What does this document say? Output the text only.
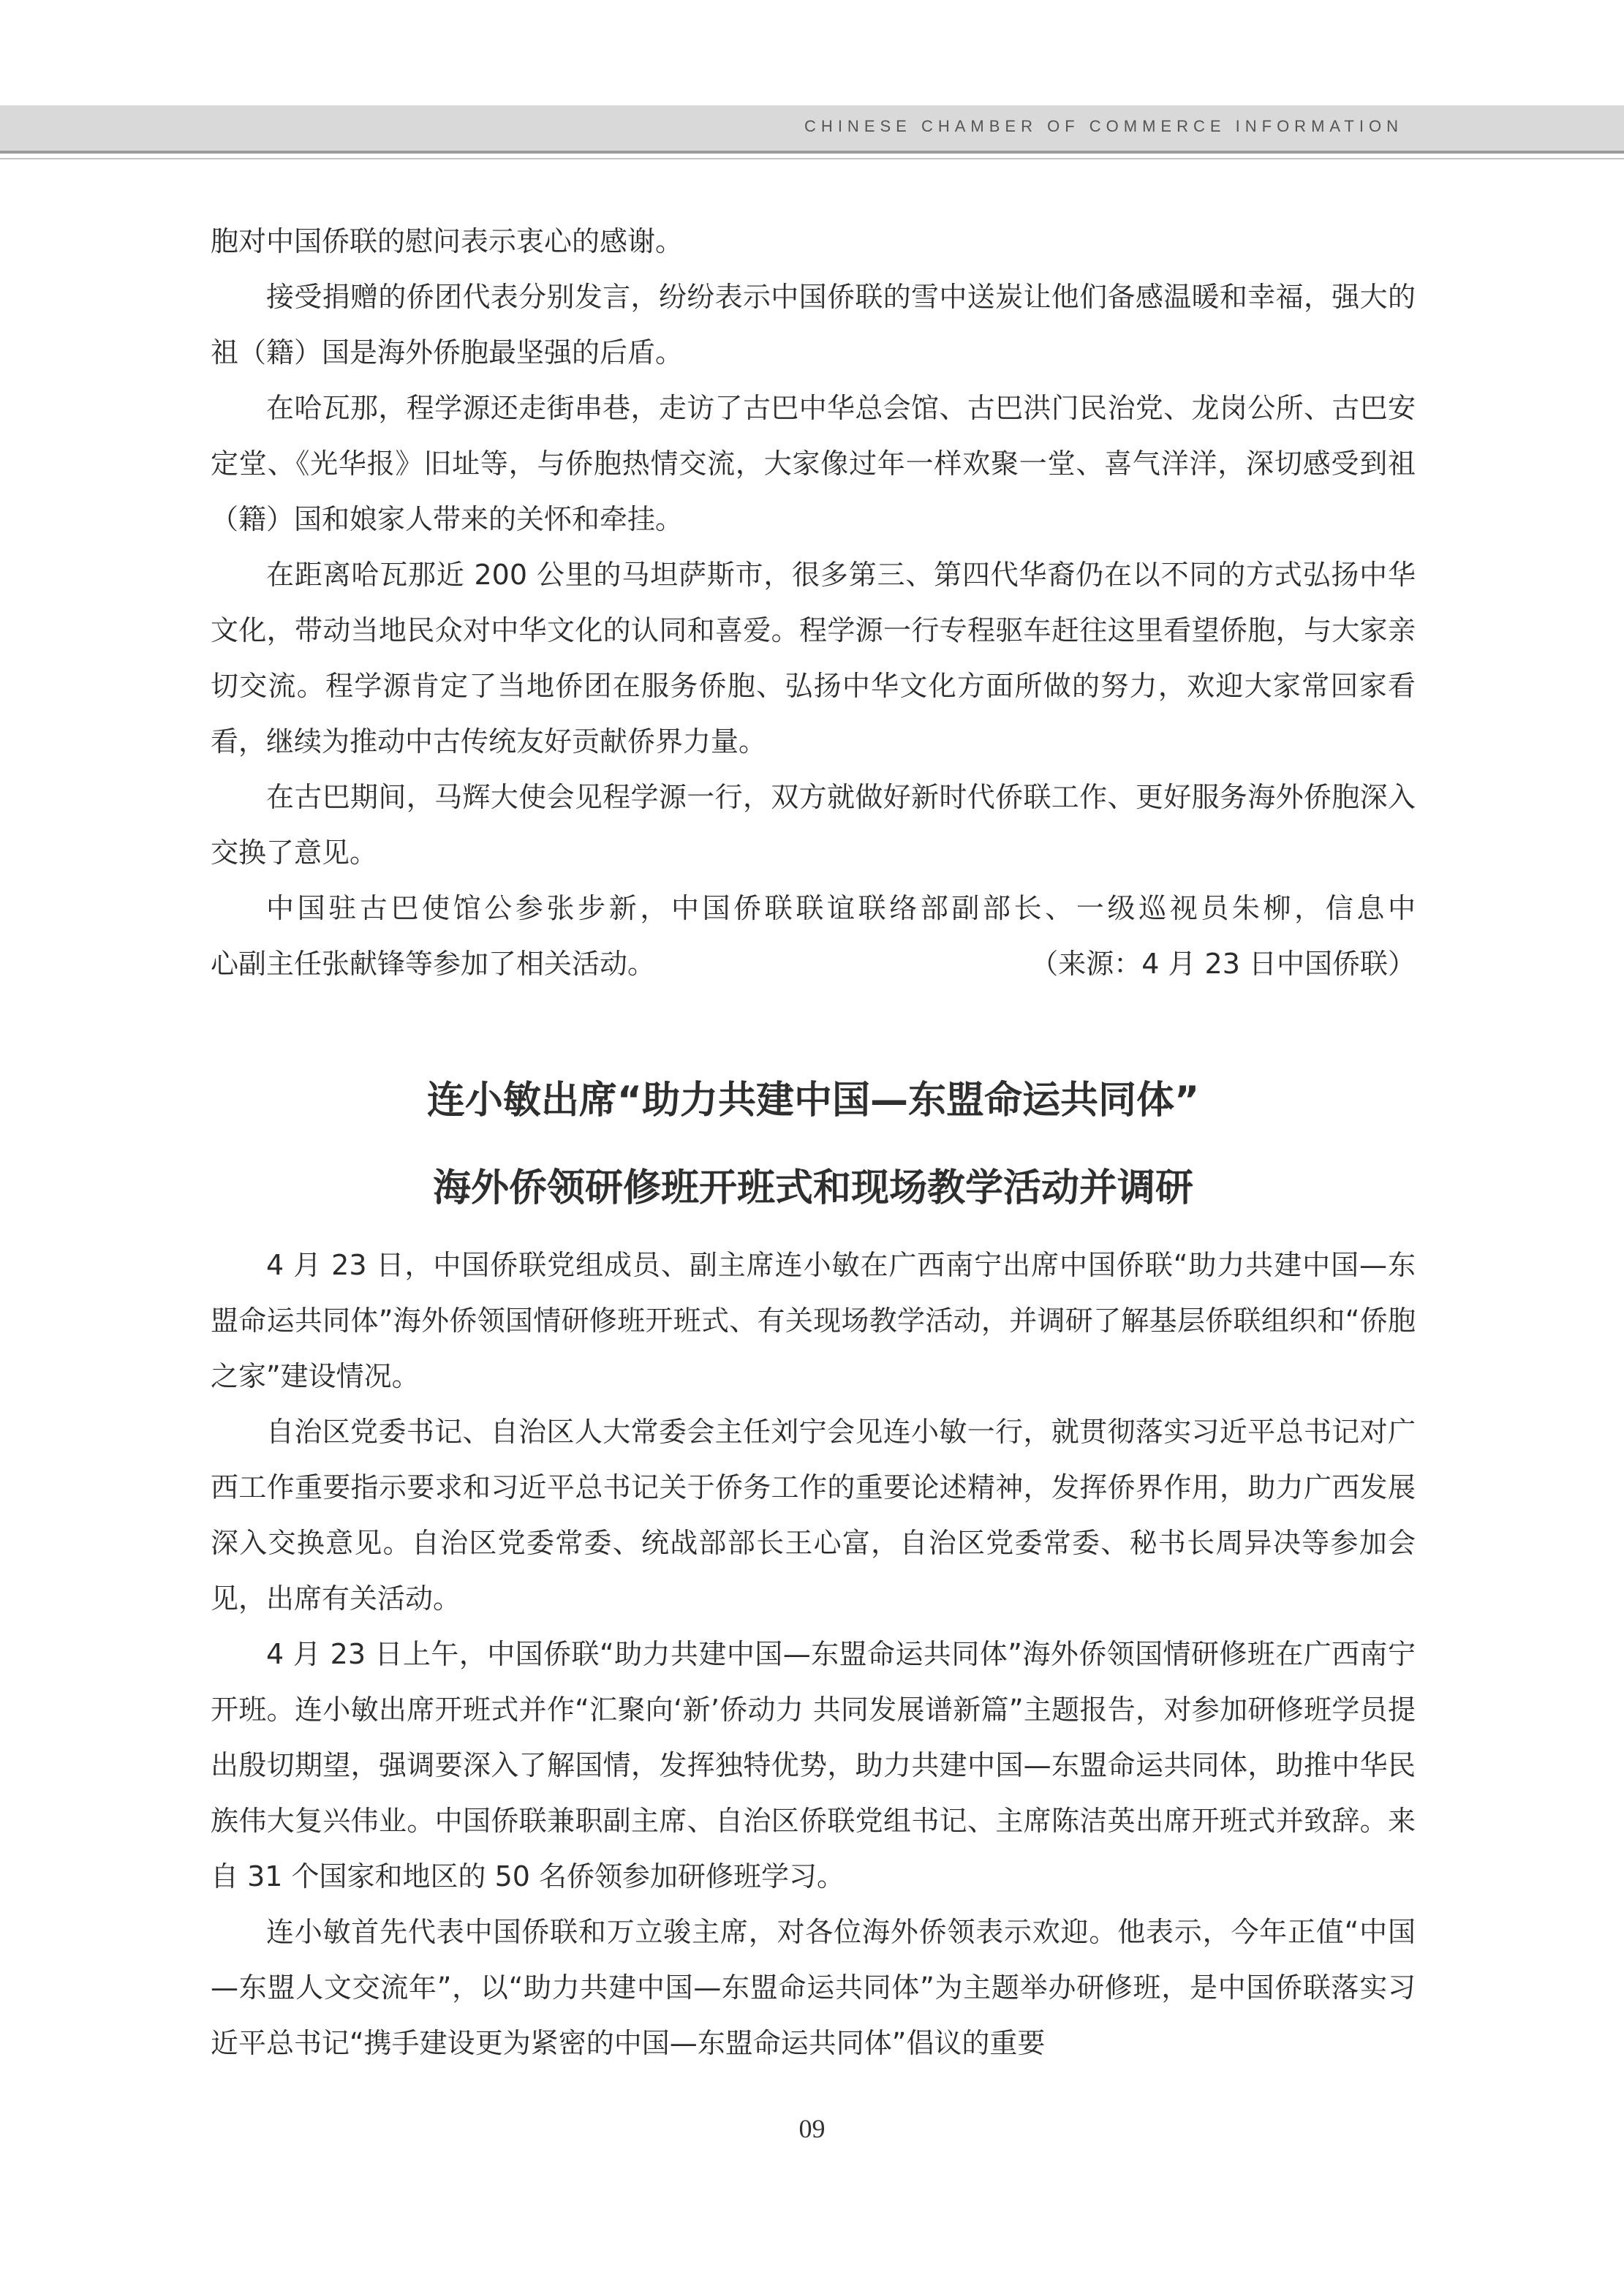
CHINESE CHAMBER OF COMMERCE INFORMATION

胞对中国侨联的慰问表示衷心的感谢。

接受捐赠的侨团代表分别发言，纷纷表示中国侨联的雪中送炭让他们备感温暖和幸福，强大的祖（籍）国是海外侨胞最坚强的后盾。

在哈瓦那，程学源还走街串巷，走访了古巴中华总会馆、古巴洪门民治党、龙岗公所、古巴安定堂、《光华报》旧址等，与侨胞热情交流，大家像过年一样欢聚一堂、喜气洋洋，深切感受到祖（籍）国和娘家人带来的关怀和牵挂。

在距离哈瓦那近 200 公里的马坦萨斯市，很多第三、第四代华裔仍在以不同的方式弘扬中华文化，带动当地民众对中华文化的认同和喜爱。程学源一行专程驱车赶往这里看望侨胞，与大家亲切交流。程学源肯定了当地侨团在服务侨胞、弘扬中华文化方面所做的努力，欢迎大家常回家看看，继续为推动中古传统友好贡献侨界力量。

在古巴期间，马辉大使会见程学源一行，双方就做好新时代侨联工作、更好服务海外侨胞深入交换了意见。

中国驻古巴使馆公参张步新，中国侨联联谊联络部副部长、一级巡视员朱柳，信息中

心副主任张献锋等参加了相关活动。	（来源：4 月 23 日中国侨联）
连小敏出席“助力共建中国—东盟命运共同体”
海外侨领研修班开班式和现场教学活动并调研

4 月 23 日，中国侨联党组成员、副主席连小敏在广西南宁出席中国侨联“助力共建中国—东盟命运共同体”海外侨领国情研修班开班式、有关现场教学活动，并调研了解基层侨联组织和“侨胞之家”建设情况。

自治区党委书记、自治区人大常委会主任刘宁会见连小敏一行，就贯彻落实习近平总书记对广西工作重要指示要求和习近平总书记关于侨务工作的重要论述精神，发挥侨界作用，助力广西发展深入交换意见。自治区党委常委、统战部部长王心富，自治区党委常委、秘书长周异决等参加会见，出席有关活动。

4 月 23 日上午，中国侨联“助力共建中国—东盟命运共同体”海外侨领国情研修班在广西南宁开班。连小敏出席开班式并作“汇聚向‘新’侨动力 共同发展谱新篇”主题报告，对参加研修班学员提出殷切期望，强调要深入了解国情，发挥独特优势，助力共建中国—东盟命运共同体，助推中华民族伟大复兴伟业。中国侨联兼职副主席、自治区侨联党组书记、主席陈洁英出席开班式并致辞。来自 31 个国家和地区的 50 名侨领参加研修班学习。

连小敏首先代表中国侨联和万立骏主席，对各位海外侨领表示欢迎。他表示，今年正值“中国—东盟人文交流年”，以“助力共建中国—东盟命运共同体”为主题举办研修班，是中国侨联落实习近平总书记“携手建设更为紧密的中国—东盟命运共同体”倡议的重要

09
